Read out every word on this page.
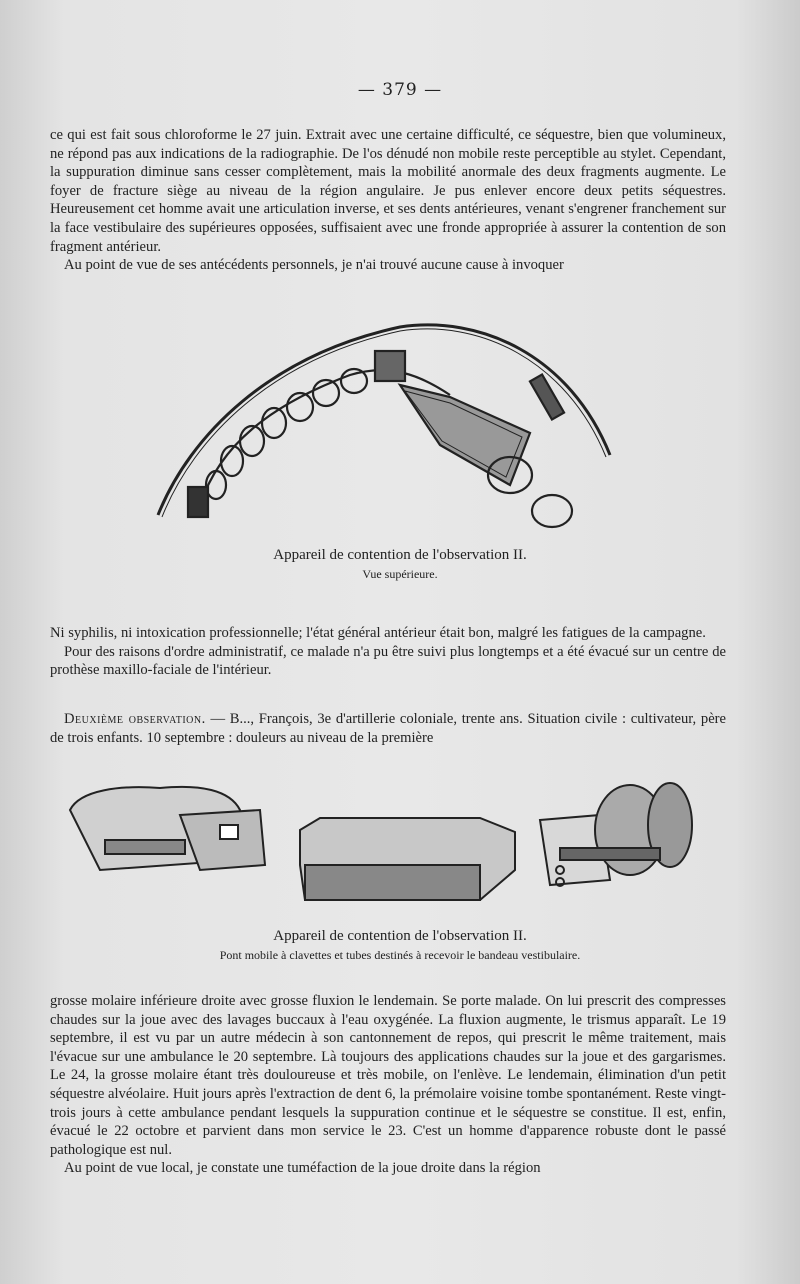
— 379 —

ce qui est fait sous chloroforme le 27 juin. Extrait avec une certaine difficulté, ce séquestre, bien que volumineux, ne répond pas aux indications de la radiographie. De l'os dénudé non mobile reste perceptible au stylet. Cependant, la suppuration diminue sans cesser complètement, mais la mobilité anormale des deux fragments augmente. Le foyer de fracture siège au niveau de la région angulaire. Je pus enlever encore deux petits séquestres. Heureusement cet homme avait une articulation inverse, et ses dents antérieures, venant s'engrener franchement sur la face vestibulaire des supérieures opposées, suffisaient avec une fronde appropriée à assurer la contention de son fragment antérieur.

Au point de vue de ses antécédents personnels, je n'ai trouvé aucune cause à invoquer

Appareil de contention de l'observation II.
Vue supérieure.

Ni syphilis, ni intoxication professionnelle; l'état général antérieur était bon, malgré les fatigues de la campagne.

Pour des raisons d'ordre administratif, ce malade n'a pu être suivi plus longtemps et a été évacué sur un centre de prothèse maxillo-faciale de l'intérieur.

Deuxième observation. — B..., François, 3e d'artillerie coloniale, trente ans. Situation civile : cultivateur, père de trois enfants. 10 septembre : douleurs au niveau de la première

Appareil de contention de l'observation II.
Pont mobile à clavettes et tubes destinés à recevoir le bandeau vestibulaire.

grosse molaire inférieure droite avec grosse fluxion le lendemain. Se porte malade. On lui prescrit des compresses chaudes sur la joue avec des lavages buccaux à l'eau oxygénée. La fluxion augmente, le trismus apparaît. Le 19 septembre, il est vu par un autre médecin à son cantonnement de repos, qui prescrit le même traitement, mais l'évacue sur une ambulance le 20 septembre. Là toujours des applications chaudes sur la joue et des gargarismes. Le 24, la grosse molaire étant très douloureuse et très mobile, on l'enlève. Le lendemain, élimination d'un petit séquestre alvéolaire. Huit jours après l'extraction de dent 6, la prémolaire voisine tombe spontanément. Reste vingt-trois jours à cette ambulance pendant lesquels la suppuration continue et le séquestre se constitue. Il est, enfin, évacué le 22 octobre et parvient dans mon service le 23. C'est un homme d'apparence robuste dont le passé pathologique est nul.

Au point de vue local, je constate une tuméfaction de la joue droite dans la région
